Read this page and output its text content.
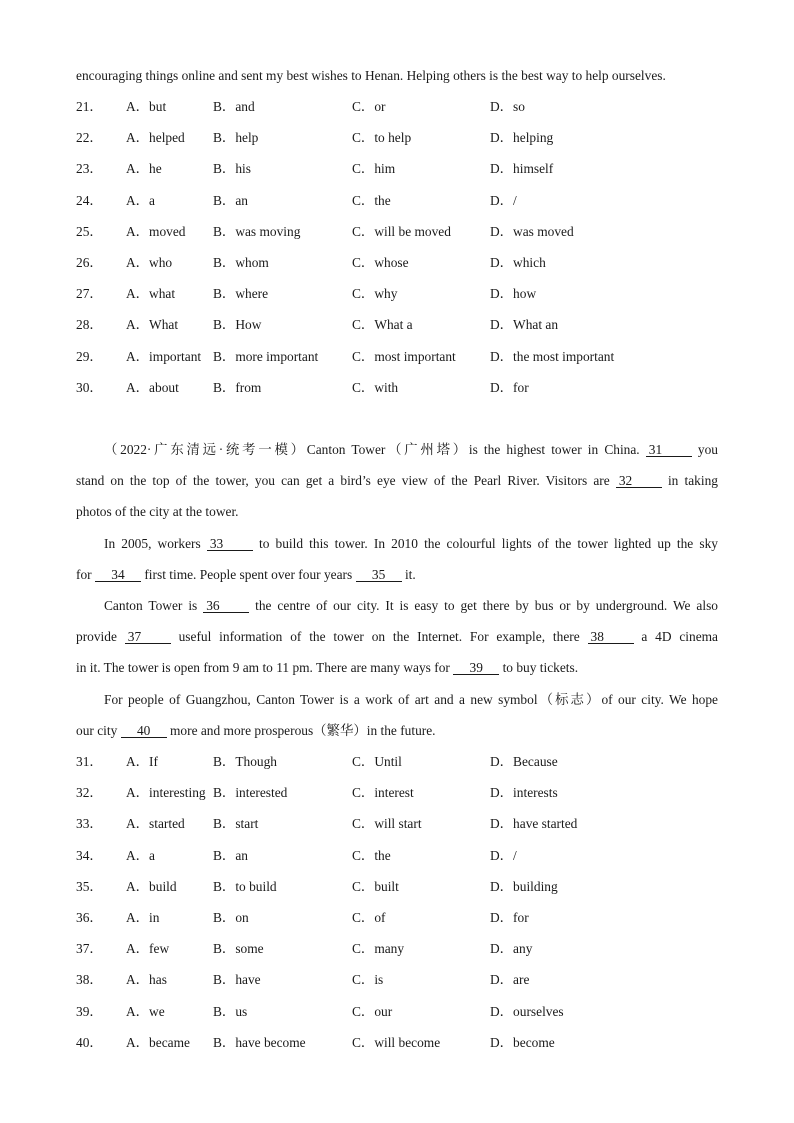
encouraging things online and sent my best wishes to Henan. Helping others is the best way to help ourselves.
21． A．but	B．and	C．or	D．so
22． A．helped B．help	C．to help	D．helping
23． A．he	B．his	C．him	D．himself
24． A．a	B．an	C．the	D．/
25． A．moved B．was moving	C．will be moved	D．was moved
26． A．who	B．whom	C．whose	D．which
27． A．what	B．where	C．why	D．how
28． A．What	B．How	C．What a	D．What an
29． A．important B．more important	C．most important	D．the most important
30． A．about	B．from	C．with	D．for
（2022·广东清远·统考一模）Canton Tower（广州塔）is the highest tower in China. 31	you
stand on the top of the tower, you can get a bird’s eye view of the Pearl River. Visitors are 32	in taking
photos of the city at the tower.
In 2005, workers 33	to build this tower. In 2010 the colourful lights of the tower lighted up the sky
for 34 first time. People spent over four years 35 it.
Canton Tower is 36	the centre of our city. It is easy to get there by bus or by underground. We also
provide 37	useful information of the tower on the Internet. For example, there 38	a 4D cinema
in it. The tower is open from 9 am to 11 pm. There are many ways for 39 to buy tickets.
For people of Guangzhou, Canton Tower is a work of art and a new symbol（标志）of our city. We hope
our city 40 more and more prosperous（繁华）in the future.
31． A．If	B．Though	C．Until	D．Because
32． A．interesting B．interested	C．interest	D．interests
33． A．started B．start	C．will start	D．have started
34． A．a	B．an	C．the	D．/
35． A．build	B．to build	C．built	D．building
36． A．in	B．on	C．of	D．for
37． A．few	B．some	C．many	D．any
38． A．has	B．have	C．is	D．are
39． A．we	B．us	C．our	D．ourselves
40． A．became B．have become	C．will become	D．become
